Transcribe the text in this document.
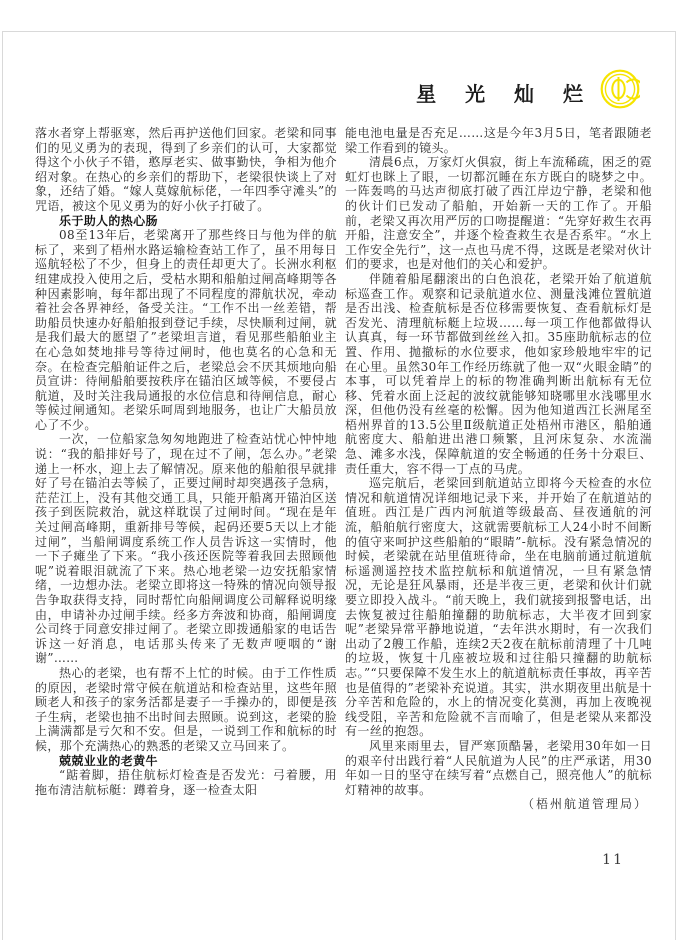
星 光 灿 烂
落水者穿上帮驱寒，然后再护送他们回家。老梁和同事们的见义勇为的表现，得到了乡亲们的认可，大家都觉得这个小伙子不错，憨厚老实、做事勤快，争相为他介绍对象。在热心的乡亲们的帮助下，老梁很快谈上了对象，还结了婚。“嫁人莫嫁航标佬，一年四季守滩头”的咒语，被这个见义勇为的好小伙子打破了。
乐于助人的热心肠
08至13年后，老梁离开了那些终日与他为伴的航标了，来到了梧州水路运输检查站工作了，虽不用每日巡航轻松了不少，但身上的责任却更大了。长洲水利枢纽建成投入使用之后，受枯水期和船舶过闸高峰期等各种因素影响，每年都出现了不同程度的滞航状况，牵动着社会各界神经，备受关注。“工作不出一丝差错，帮助船员快速办好船舶报到登记手续，尽快顺利过闸，就是我们最大的愿望了”老梁坦言道，看见那些船舶业主在心急如焚地排号等待过闸时，他也莫名的心急和无奈。在检查完船舶证件之后，老梁总会不厌其烦地向船员宣讲：待闸船舶要按秩序在锚泊区域等候，不要侵占航道，及时关注我局通报的水位信息和待闸信息，耐心等候过闸通知。老梁乐呵周到地服务，也让广大船员放心了不少。
一次，一位船家急匆匆地跑进了检查站忧心忡忡地说：“我的船排好号了，现在过不了闸，怎么办。”老梁递上一杯水，迎上去了解情况。原来他的船舶很早就排好了号在锚泊去等候了，正要过闸时却突遇孩子急病，茫茫江上，没有其他交通工具，只能开船离开锚泊区送孩子到医院救治，就这样耽误了过闸时间。“现在是年关过闸高峰期，重新排号等候，起码还要5天以上才能过闸”，当船闸调度系统工作人员告诉这一实情时，他一下子瘫坐了下来。“我小孩还医院等着我回去照顾他呢”说着眼泪就流了下来。热心地老梁一边安抚船家情绪，一边想办法。老梁立即将这一特殊的情况向领导报告争取获得支持，同时帮忙向船闸调度公司解释说明缘由，申请补办过闸手续。经多方奔波和协商，船闸调度公司终于同意安排过闸了。老梁立即拨通船家的电话告诉这一好消息，电话那头传来了无数声哽咽的“谢谢”……
热心的老梁，也有帮不上忙的时候。由于工作性质的原因，老梁时常守候在航道站和检查站里，这些年照顾老人和孩子的家务活都是妻子一手操办的，即便是孩子生病，老梁也抽不出时间去照顾。说到这，老梁的脸上满满都是亏欠和不安。但是，一说到工作和航标的时候，那个充满热心的熟悉的老梁又立马回来了。
兢兢业业的老黄牛
“踮着脚，捂住航标灯检查是否发光：弓着腰，用拖布清洁航标艇：蹲着身，逐一检查太阳
能电池电量是否充足……这是今年3月5日，笔者跟随老梁工作看到的镜头。
清晨6点，万家灯火俱寂，街上车流稀疏，困乏的霓虹灯也眯上了眼，一切都沉睡在东方既白的晓梦之中。一阵轰鸣的马达声彻底打破了西江岸边宁静，老梁和他的伙计们已发动了船舶，开始新一天的工作了。开船前，老梁又再次用严厉的口吻提醒道：“先穿好救生衣再开船，注意安全”，并逐个检查救生衣是否系牢。“水上工作安全先行”，这一点也马虎不得，这既是老梁对伙计们的要求，也是对他们的关心和爱护。
伴随着船尾翻滚出的白色浪花，老梁开始了航道航标巡查工作。观察和记录航道水位、测量浅滩位置航道是否出浅、检查航标是否位移需要恢复、查看航标灯是否发光、清理航标艇上垃圾……每一项工作他都做得认认真真，每一环节都做到丝丝入扣。35座助航标志的位置、作用、抛撤标的水位要求，他如家珍般地牢牢的记在心里。虽然30年工作经历练就了他一双“火眼金睛”的本事，可以凭着岸上的标的物准确判断出航标有无位移、凭着水面上泛起的波纹就能够知晓哪里水浅哪里水深，但他仍没有丝毫的松懈。因为他知道西江长洲尾至梧州界首的13.5公里Ⅱ级航道正处梧州市港区，船舶通航密度大、船舶进出港口频繁，且河床复杂、水流湍急、滩多水浅，保障航道的安全畅通的任务十分艰巨、责任重大，容不得一丁点的马虎。
巡完航后，老梁回到航道站立即将今天检查的水位情况和航道情况详细地记录下来，并开始了在航道站的值班。西江是广西内河航道等级最高、昼夜通航的河流，船舶航行密度大，这就需要航标工人24小时不间断的值守来呵护这些船舶的“眼睛”-航标。没有紧急情况的时候，老梁就在站里值班待命，坐在电脑前通过航道航标遥测遥控技术监控航标和航道情况，一旦有紧急情况，无论是狂风暴雨，还是半夜三更，老梁和伙计们就要立即投入战斗。“前天晚上，我们就接到报警电话，出去恢复被过往船舶撞翻的助航标志，大半夜才回到家呢”老梁异常平静地说道，“去年洪水期时，有一次我们出动了2艘工作船，连续2天2夜在航标前清理了十几吨的垃圾，恢复十几座被垃圾和过往船只撞翻的助航标志。”“只要保障不发生水上的航道航标责任事故，再辛苦也是值得的”老梁补充说道。其实，洪水期夜里出航是十分辛苦和危险的，水上的情况变化莫测，再加上夜晚视线受阻，辛苦和危险就不言而喻了，但是老梁从来都没有一丝的抱怨。
风里来雨里去，冒严寒顶酷暑，老梁用30年如一日的艰辛付出践行着“人民航道为人民”的庄严承诺，用30年如一日的坚守在续写着“点燃自己，照亮他人”的航标灯精神的故事。
（梧州航道管理局）
11
